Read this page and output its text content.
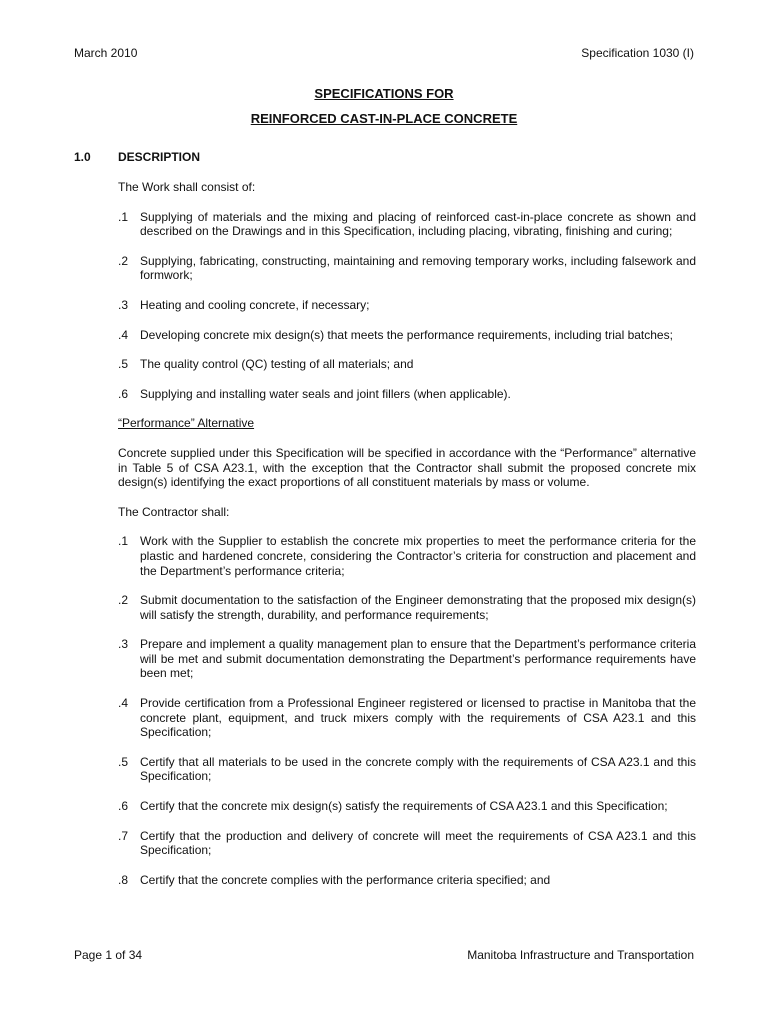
March 2010	Specification 1030 (I)
SPECIFICATIONS FOR
REINFORCED CAST-IN-PLACE CONCRETE
1.0 DESCRIPTION

The Work shall consist of:

.1 Supplying of materials and the mixing and placing of reinforced cast-in-place concrete as shown and described on the Drawings and in this Specification, including placing, vibrating, finishing and curing;
.2 Supplying, fabricating, constructing, maintaining and removing temporary works, including falsework and formwork;
.3 Heating and cooling concrete, if necessary;
.4 Developing concrete mix design(s) that meets the performance requirements, including trial batches;
.5 The quality control (QC) testing of all materials; and
.6 Supplying and installing water seals and joint fillers (when applicable).

“Performance” Alternative

Concrete supplied under this Specification will be specified in accordance with the “Performance” alternative in Table 5 of CSA A23.1, with the exception that the Contractor shall submit the proposed concrete mix design(s) identifying the exact proportions of all constituent materials by mass or volume.

The Contractor shall:

.1 Work with the Supplier to establish the concrete mix properties to meet the performance criteria for the plastic and hardened concrete, considering the Contractor’s criteria for construction and placement and the Department’s performance criteria;
.2 Submit documentation to the satisfaction of the Engineer demonstrating that the proposed mix design(s) will satisfy the strength, durability, and performance requirements;
.3 Prepare and implement a quality management plan to ensure that the Department’s performance criteria will be met and submit documentation demonstrating the Department’s performance requirements have been met;
.4 Provide certification from a Professional Engineer registered or licensed to practise in Manitoba that the concrete plant, equipment, and truck mixers comply with the requirements of CSA A23.1 and this Specification;
.5 Certify that all materials to be used in the concrete comply with the requirements of CSA A23.1 and this Specification;
.6 Certify that the concrete mix design(s) satisfy the requirements of CSA A23.1 and this Specification;
.7 Certify that the production and delivery of concrete will meet the requirements of CSA A23.1 and this Specification;
.8 Certify that the concrete complies with the performance criteria specified; and
Page 1 of 34	Manitoba Infrastructure and Transportation
